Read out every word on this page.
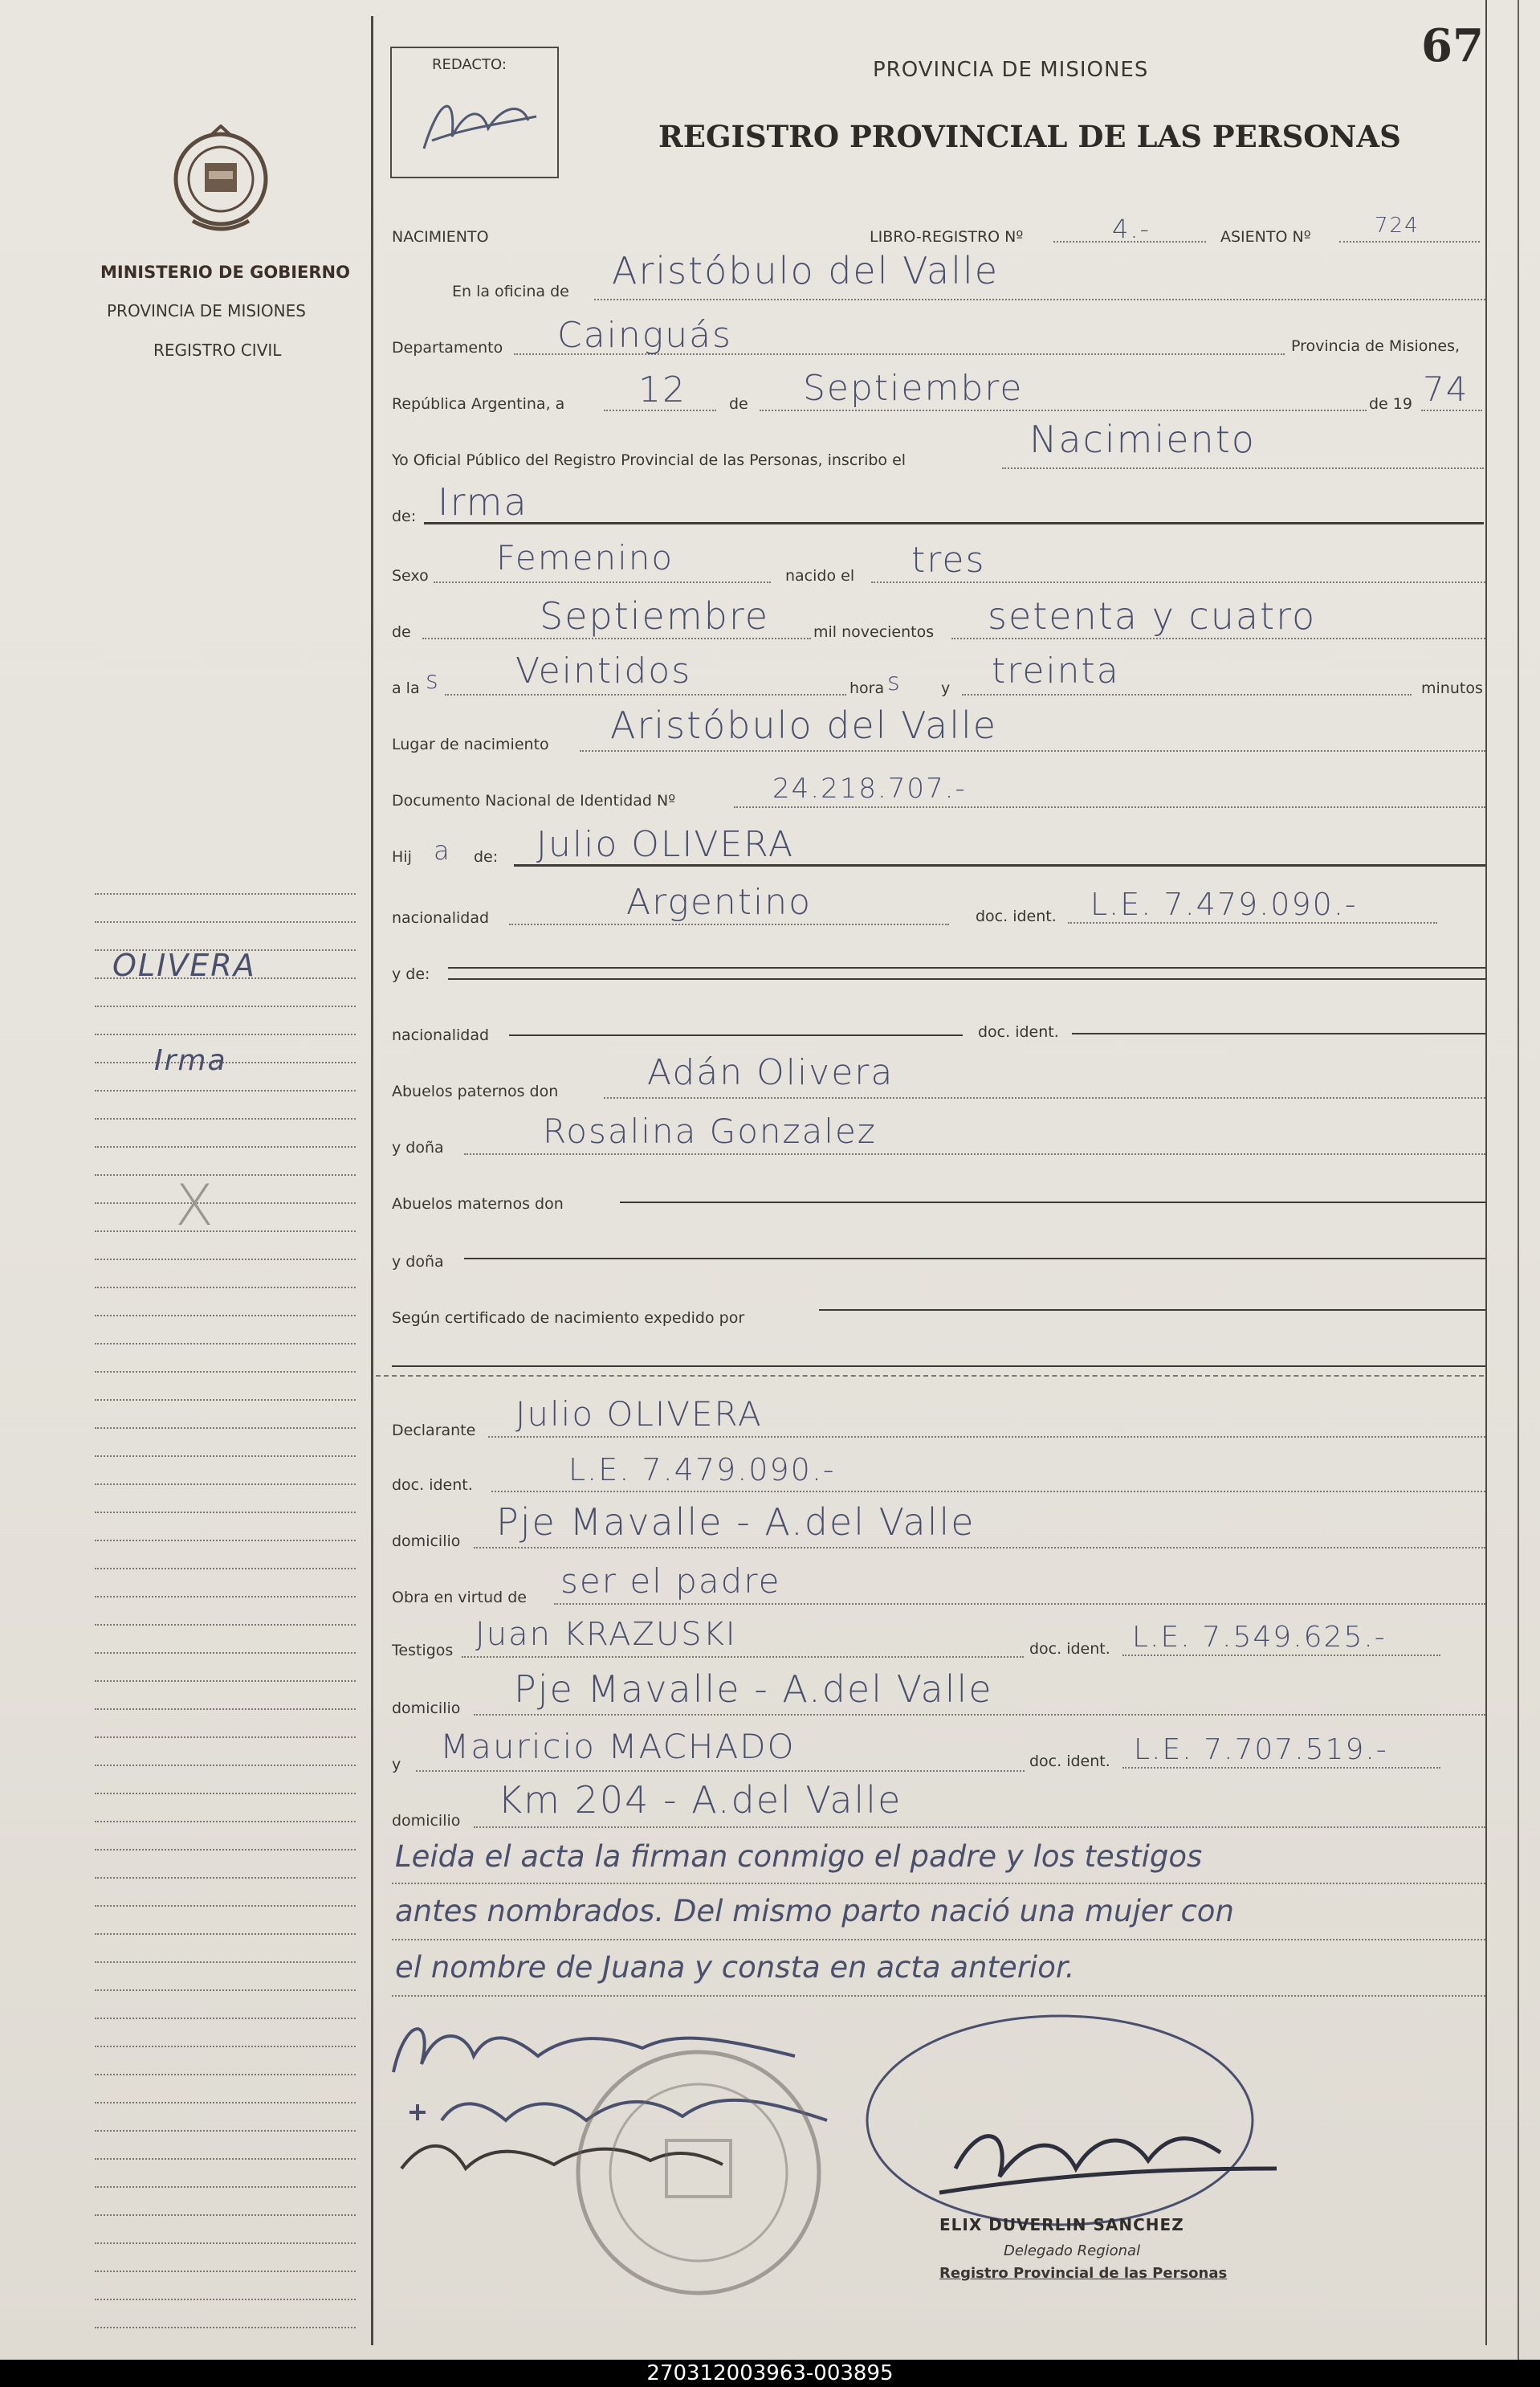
MINISTERIO DE GOBIERNO
PROVINCIA DE MISIONES
REGISTRO CIVIL
OLIVERA
Irma
X
67
REDACTO:	PROVINCIA DE MISIONES
REGISTRO PROVINCIAL DE LAS PERSONAS
NACIMIENTO	LIBRO-REGISTRO Nº	4.-	ASIENTO Nº	724
En la oficina de Aristóbulo del Valle
Departamento Cainguás	Provincia de Misiones,
República Argentina, a 12	de Septiembre	de 19 74
Yo Oficial Público del Registro Provincial de las Personas, inscribo el	Nacimiento
de: Irma
Sexo Femenino	nacido el tres
de	Septiembre	mil novecientos setenta y cuatro
a la s Veintidos	hora s	y treinta	minutos
Lugar de nacimiento Aristóbulo del Valle
Documento Nacional de Identidad Nº	24.218.707.-
Hij a de: Julio OLIVERA
nacionalidad	Argentino	doc. ident. L.E. 7.479.090.-
y de:
nacionalidad	doc. ident.
Abuelos paternos don	Adán Olivera
y doña	Rosalina Gonzalez
Abuelos maternos don
y doña
Según certificado de nacimiento expedido por
Declarante Julio OLIVERA
doc. ident.	L.E. 7.479.090.-
domicilio Pje Mavalle - A.del Valle
Obra en virtud de ser el padre
Testigos Juan KRAZUSKI	doc. ident. L.E. 7.549.625.-
domicilio Pje Mavalle - A.del Valle
y Mauricio MACHADO	doc. ident. L.E. 7.707.519.-
domicilio Km 204 - A.del Valle
Leida el acta la firman conmigo el padre y los testigos
antes nombrados. Del mismo parto nació una mujer con
el nombre de Juana y consta en acta anterior.
ELIX DUVERLIN SANCHEZ
Delegado Regional
Registro Provincial de las Personas
270312003963-003895
